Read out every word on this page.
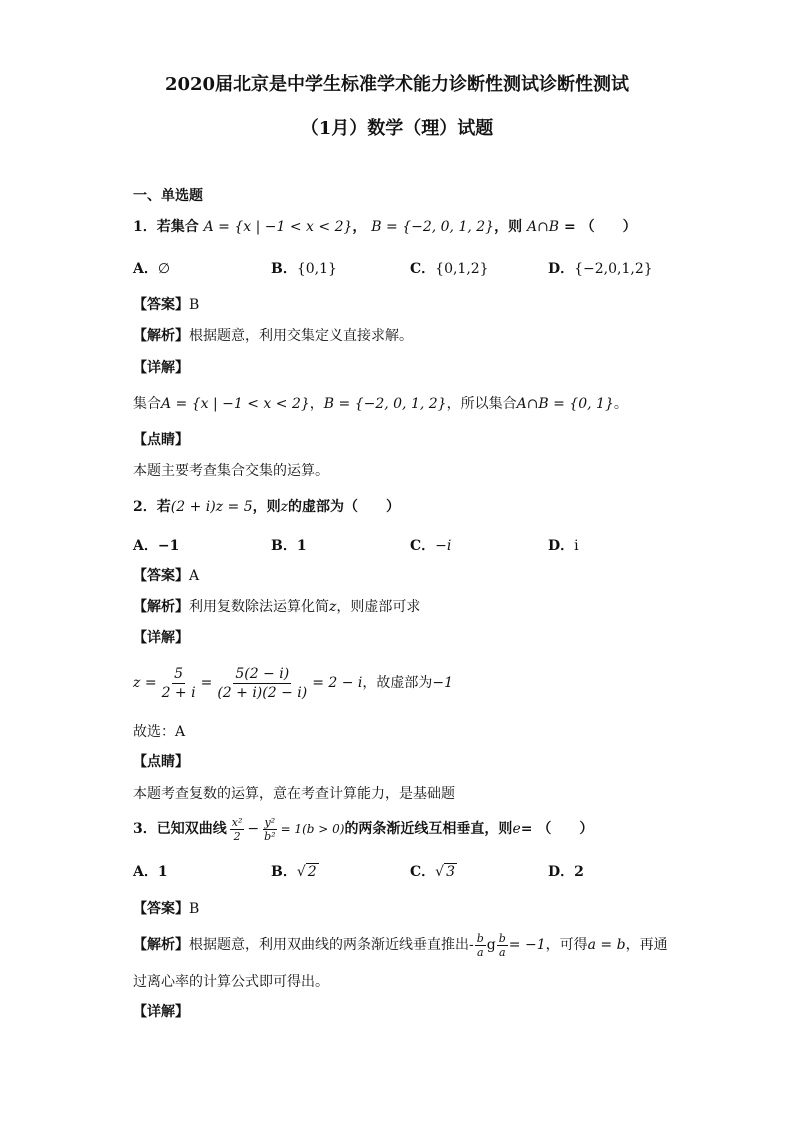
2020届北京是中学生标准学术能力诊断性测试诊断性测试
（1月）数学（理）试题
一、单选题
1．若集合 A = {x | −1 < x < 2}， B = {−2, 0, 1, 2}，则 A∩B = （　　）
A．∅	B．{0,1}	C．{0,1,2}	D．{−2,0,1,2}
【答案】B
【解析】根据题意，利用交集定义直接求解。
【详解】
集合A = {x | −1 < x < 2}，B = {−2, 0, 1, 2}，所以集合A∩B = {0, 1}。
【点睛】
本题主要考查集合交集的运算。
2．若(2 + i)z = 5，则z的虚部为（　　）
A．−1	B．1	C．−i	D．i
【答案】A
【解析】利用复数除法运算化简z，则虚部可求
【详解】
$z = \frac{5}{2 + i} = \frac{5(2 - i)}{(2 + i)(2 - i)} = 2 - i$ ，故虚部为 −1
故选：A
【点睛】
本题考查复数的运算，意在考查计算能力，是基础题
3． 已知双曲线 $\frac{\text{x²}}{2} - \frac{\text{y²}}{\text{b²}} = 1(b > 0)$ 的两条渐近线互相垂直，则 e = （　　）
A．1	B．√ 2	C．√ 3	D．2
【答案】B
【解析】 根据题意，利用双曲线的两条渐近线垂直推出 - $\frac{b}{a}$ g $\frac{b}{a} = -1$ ，可得 a = b ，再通
过离心率的计算公式即可得出。
【详解】
